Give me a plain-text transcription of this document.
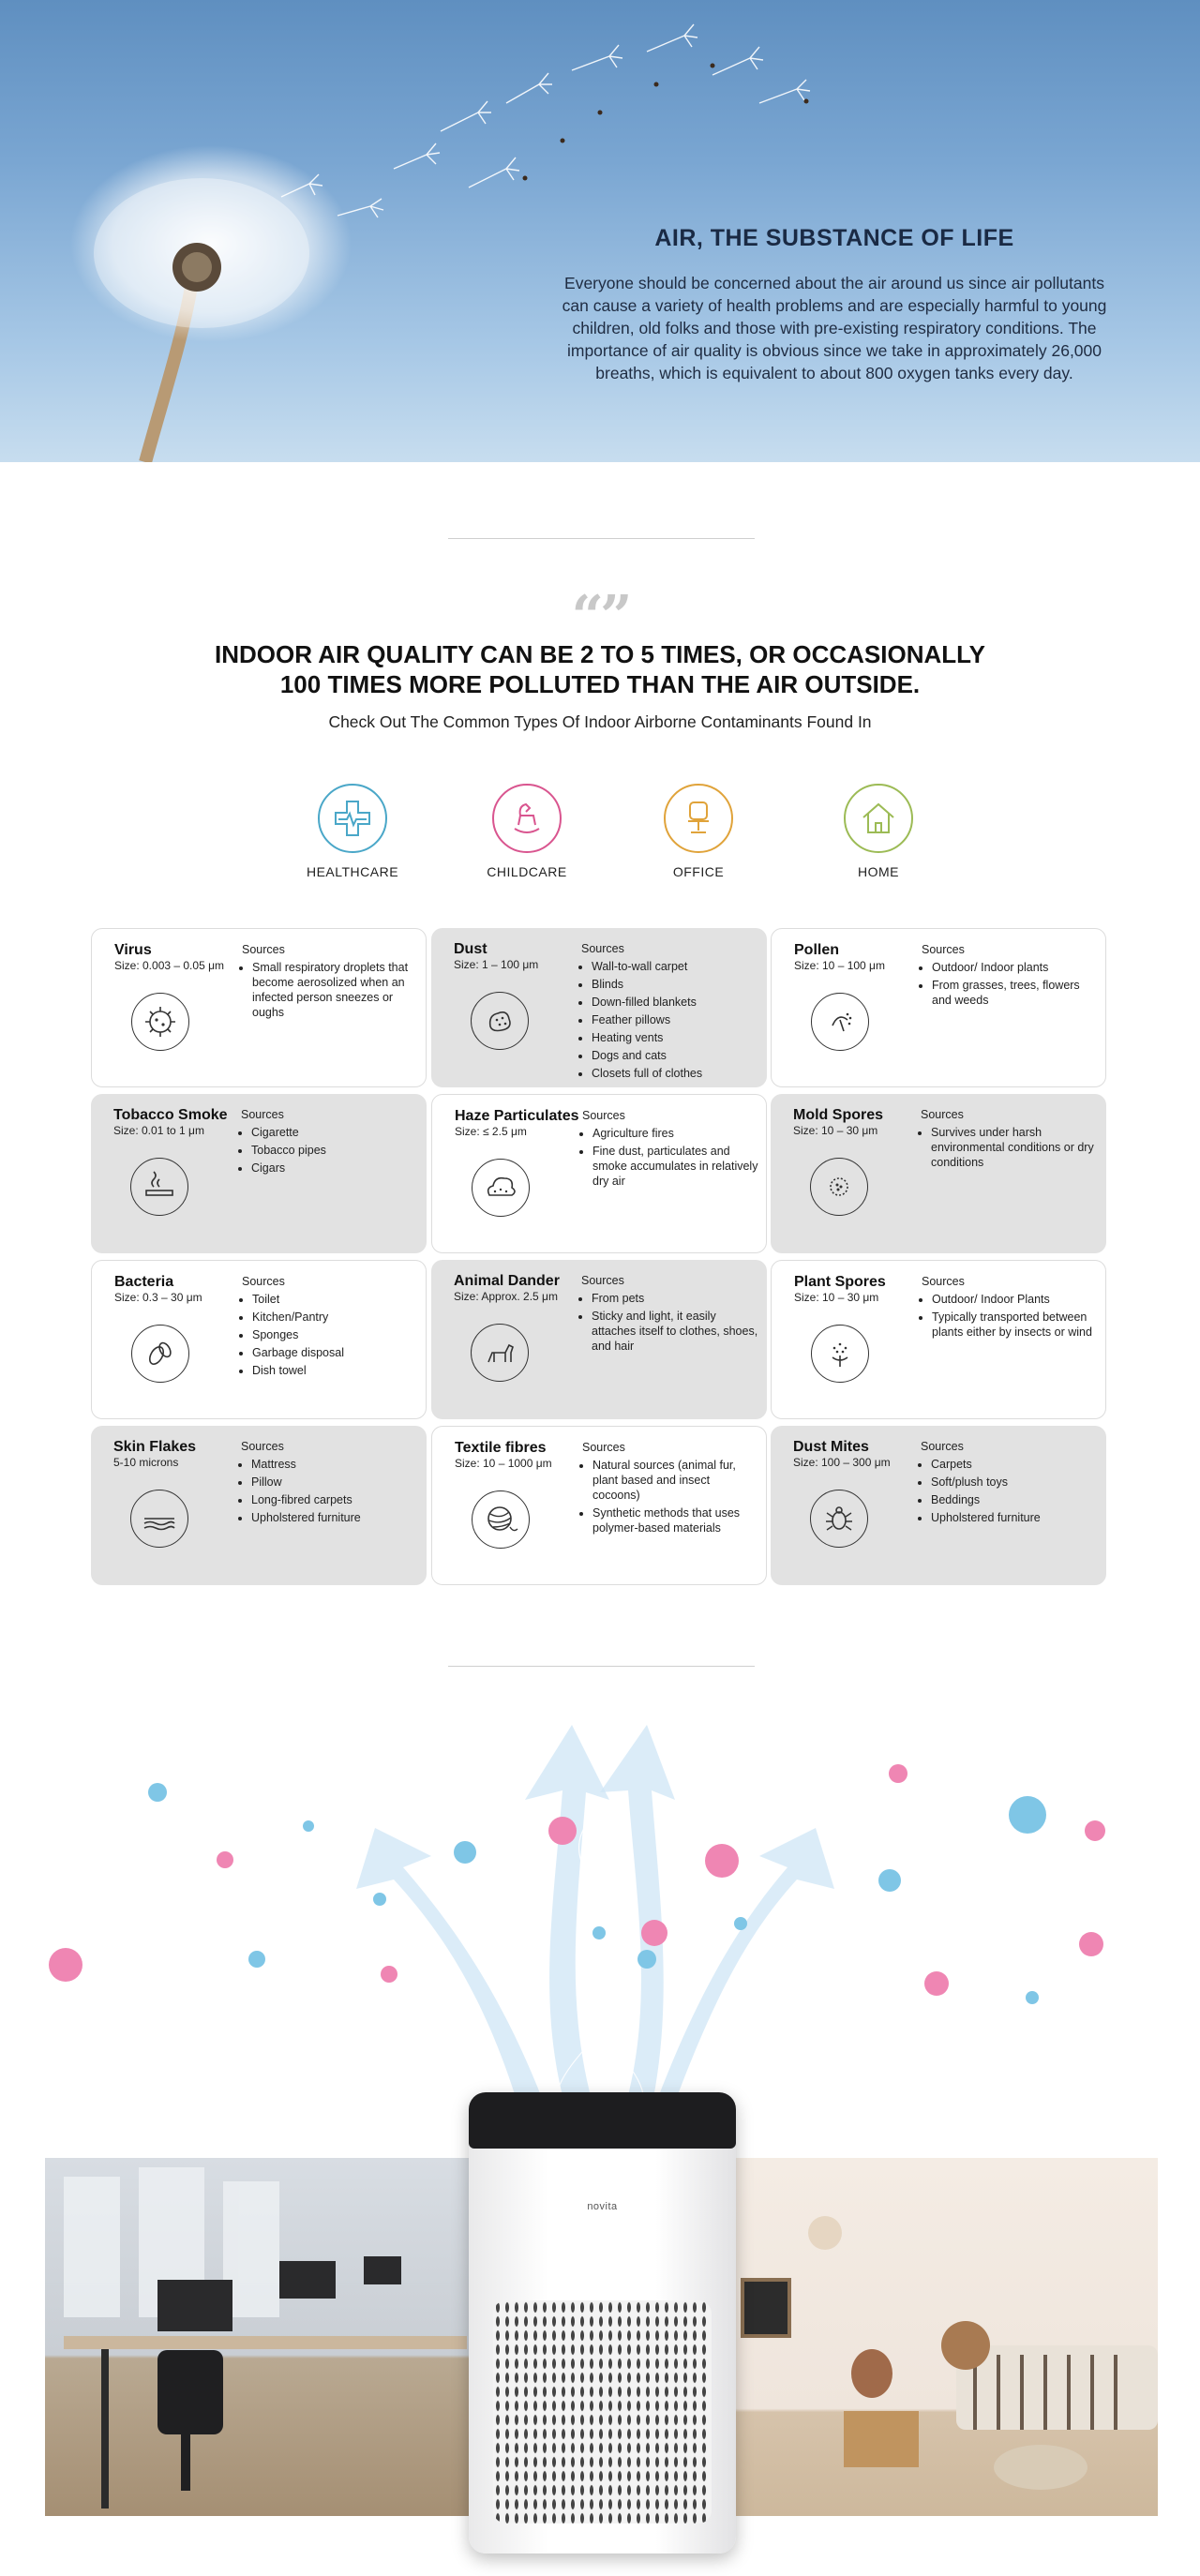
AIR, THE SUBSTANCE OF LIFE
Everyone should be concerned about the air around us since air pollutants can cause a variety of health problems and are especially harmful to young children, old folks and those with pre-existing respiratory conditions. The importance of air quality is obvious since we take in approximately 26,000 breaths, which is equivalent to about 800 oxygen tanks every day.
“”
INDOOR AIR QUALITY CAN BE 2 TO 5 TIMES, OR OCCASIONALLY 100 TIMES MORE POLLUTED THAN THE AIR OUTSIDE.
Check Out The Common Types Of Indoor Airborne Contaminants Found In
HEALTHCARE	CHILDCARE	OFFICE	HOME
Virus
Size: 0.003 – 0.05 μm
Sources
• Small respiratory droplets that become aerosolized when an infected person sneezes or oughs
Dust
Size: 1 – 100 μm
Sources
• Wall-to-wall carpet
• Blinds
• Down-filled blankets
• Feather pillows
• Heating vents
• Dogs and cats
• Closets full of clothes
Pollen
Size: 10 – 100 μm
Sources
• Outdoor/ Indoor plants
• From grasses, trees, flowers and weeds
Tobacco Smoke
Size: 0.01 to 1 μm
Sources
• Cigarette
• Tobacco pipes
• Cigars
Haze Particulates
Size: ≤ 2.5 μm
Sources
• Agriculture fires
• Fine dust, particulates and smoke accumulates in relatively dry air
Mold Spores
Size: 10 – 30 μm
Sources
• Survives under harsh environmental conditions or dry conditions
Bacteria
Size: 0.3 – 30 μm
Sources
• Toilet
• Kitchen/Pantry
• Sponges
• Garbage disposal
• Dish towel
Animal Dander
Size: Approx. 2.5 μm
Sources
• From pets
• Sticky and light, it easily attaches itself to clothes, shoes, and hair
Plant Spores
Size: 10 – 30 μm
Sources
• Outdoor/ Indoor Plants
• Typically transported between plants either by insects or wind
Skin Flakes
5-10 microns
Sources
• Mattress
• Pillow
• Long-fibred carpets
• Upholstered furniture
Textile fibres
Size: 10 – 1000 μm
Sources
• Natural sources (animal fur, plant based and insect cocoons)
• Synthetic methods that uses polymer-based materials
Dust Mites
Size: 100 – 300 μm
Sources
• Carpets
• Soft/plush toys
• Beddings
• Upholstered furniture
novita
